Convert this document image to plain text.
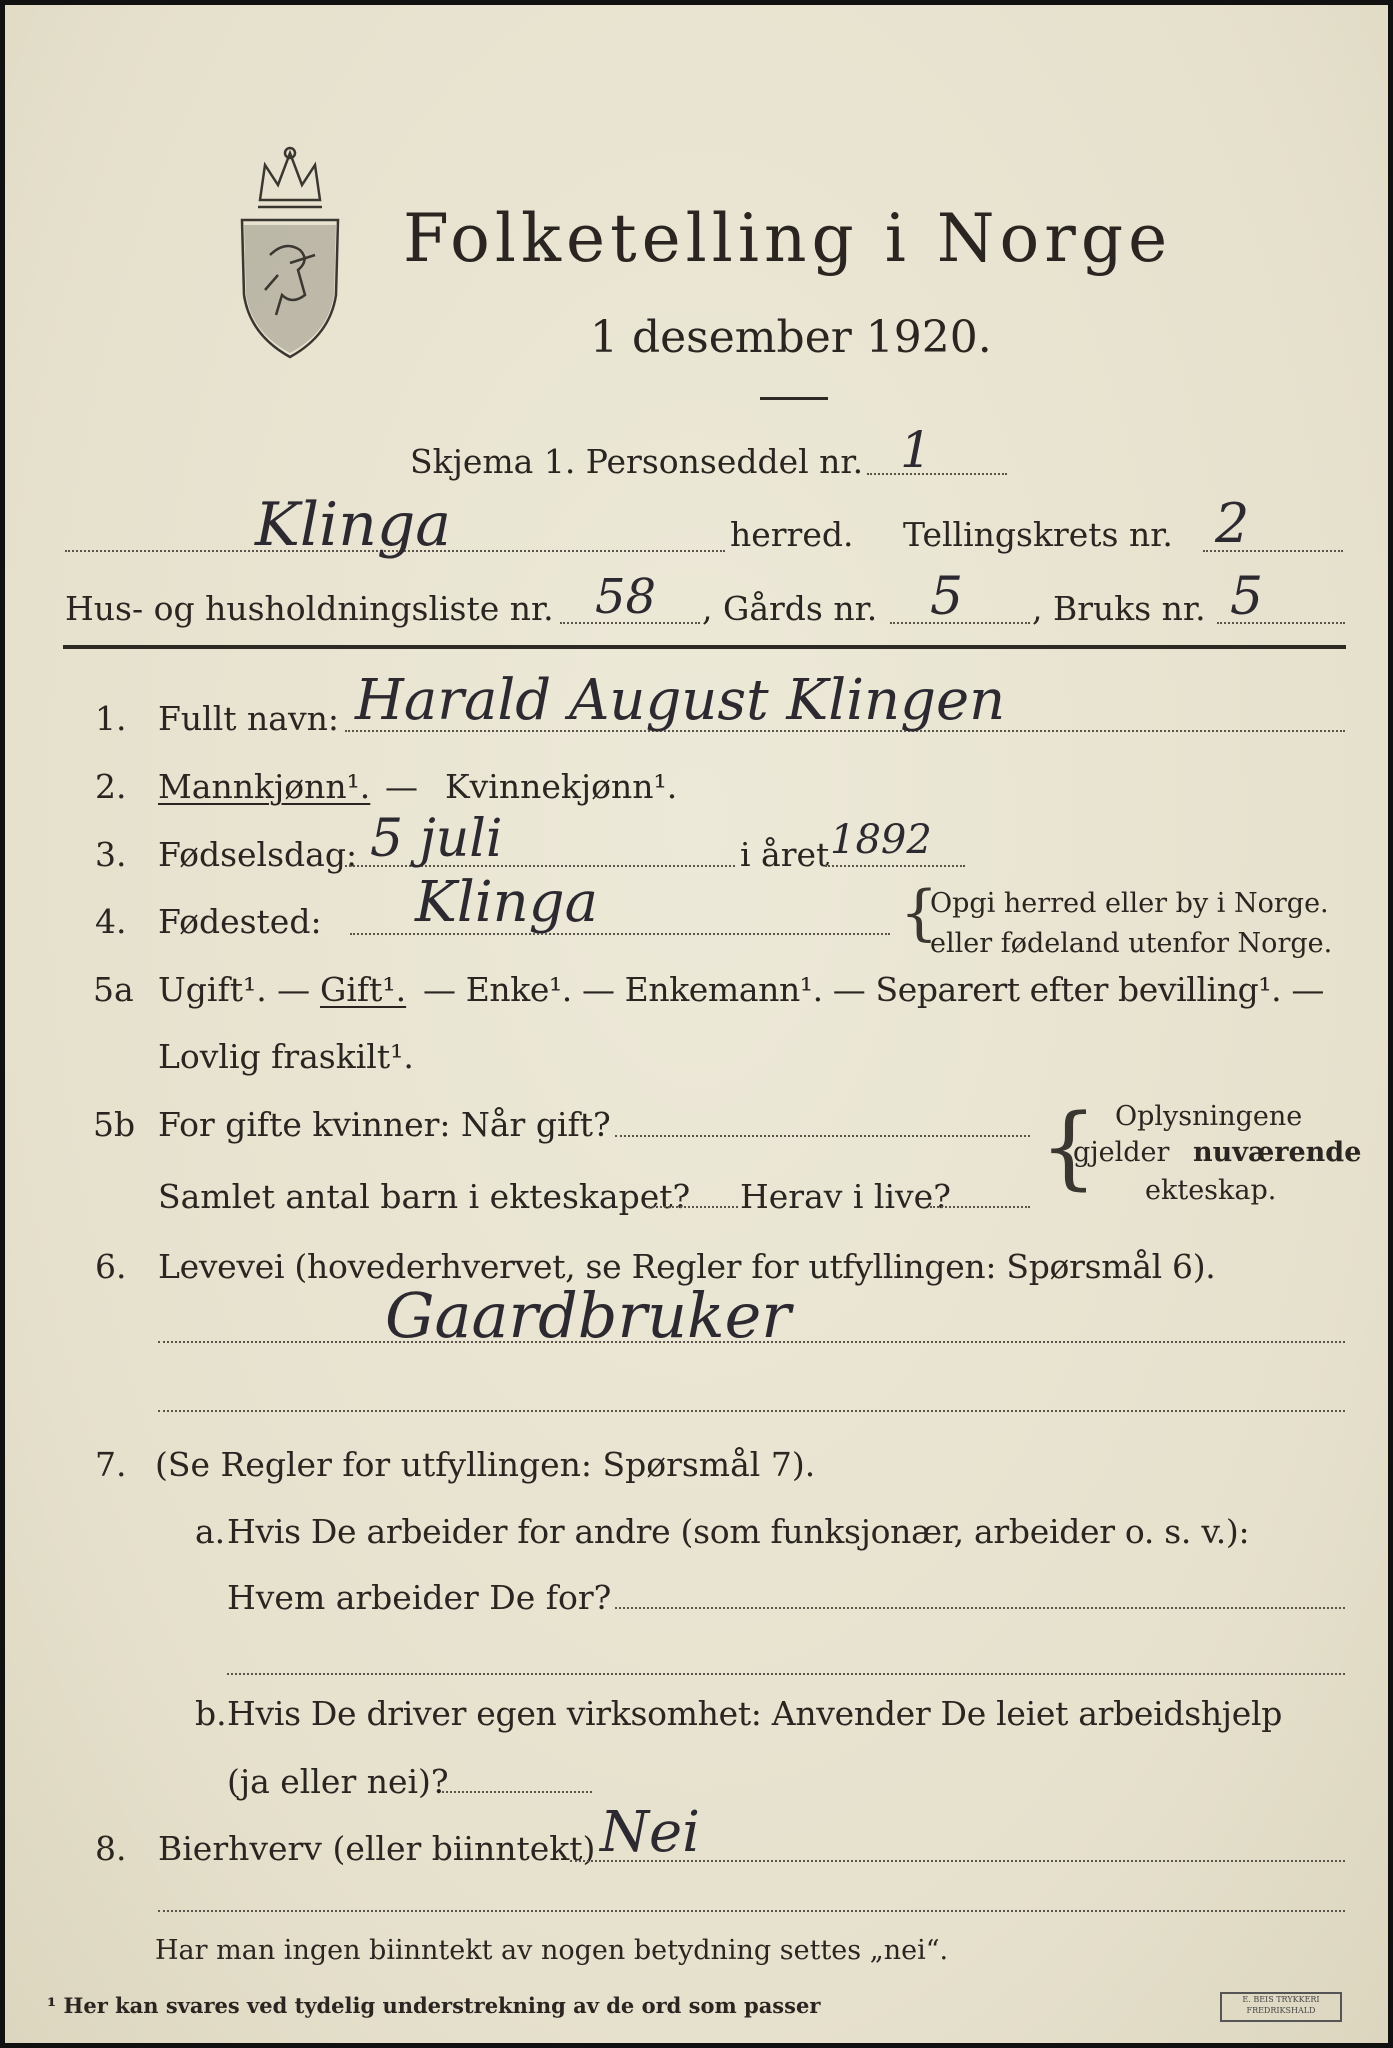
Folketelling i Norge
1 desember 1920.
Skjema 1. Personseddel nr. 1
Klinga	herred. Tellingskrets nr. 2
Hus- og husholdningsliste nr. 58 , Gårds nr. 5 , Bruks nr. 5
1. Fullt navn: Harald August Klingen
2. Mannkjønn¹. — Kvinnekjønn¹.
3. Fødselsdag: 5 juli	i året 1892
4. Fødested: Klinga	{
Opgi herred eller by i Norge.
eller fødeland utenfor Norge.
5a Ugift¹. — Gift¹. — Enke¹. — Enkemann¹. — Separert efter bevilling¹. —
Lovlig fraskilt¹.
5b For gifte kvinner: Når gift?
Samlet antal barn i ekteskapet? Herav i live? { Oplysningene
gjelder nuværende
ekteskap.
6. Levevei (hovederhvervet, se Regler for utfyllingen: Spørsmål 6).
Gaardbruker
7. (Se Regler for utfyllingen: Spørsmål 7).
a. Hvis De arbeider for andre (som funksjonær, arbeider o. s. v.):
Hvem arbeider De for?
b. Hvis De driver egen virksomhet: Anvender De leiet arbeidshjelp
(ja eller nei)?
8. Bierhverv (eller biinntekt) Nei
Har man ingen biinntekt av nogen betydning settes „nei“.
¹ Her kan svares ved tydelig understrekning av de ord som passer	E. BEIS TRYKKERI FREDRIKSHALD
